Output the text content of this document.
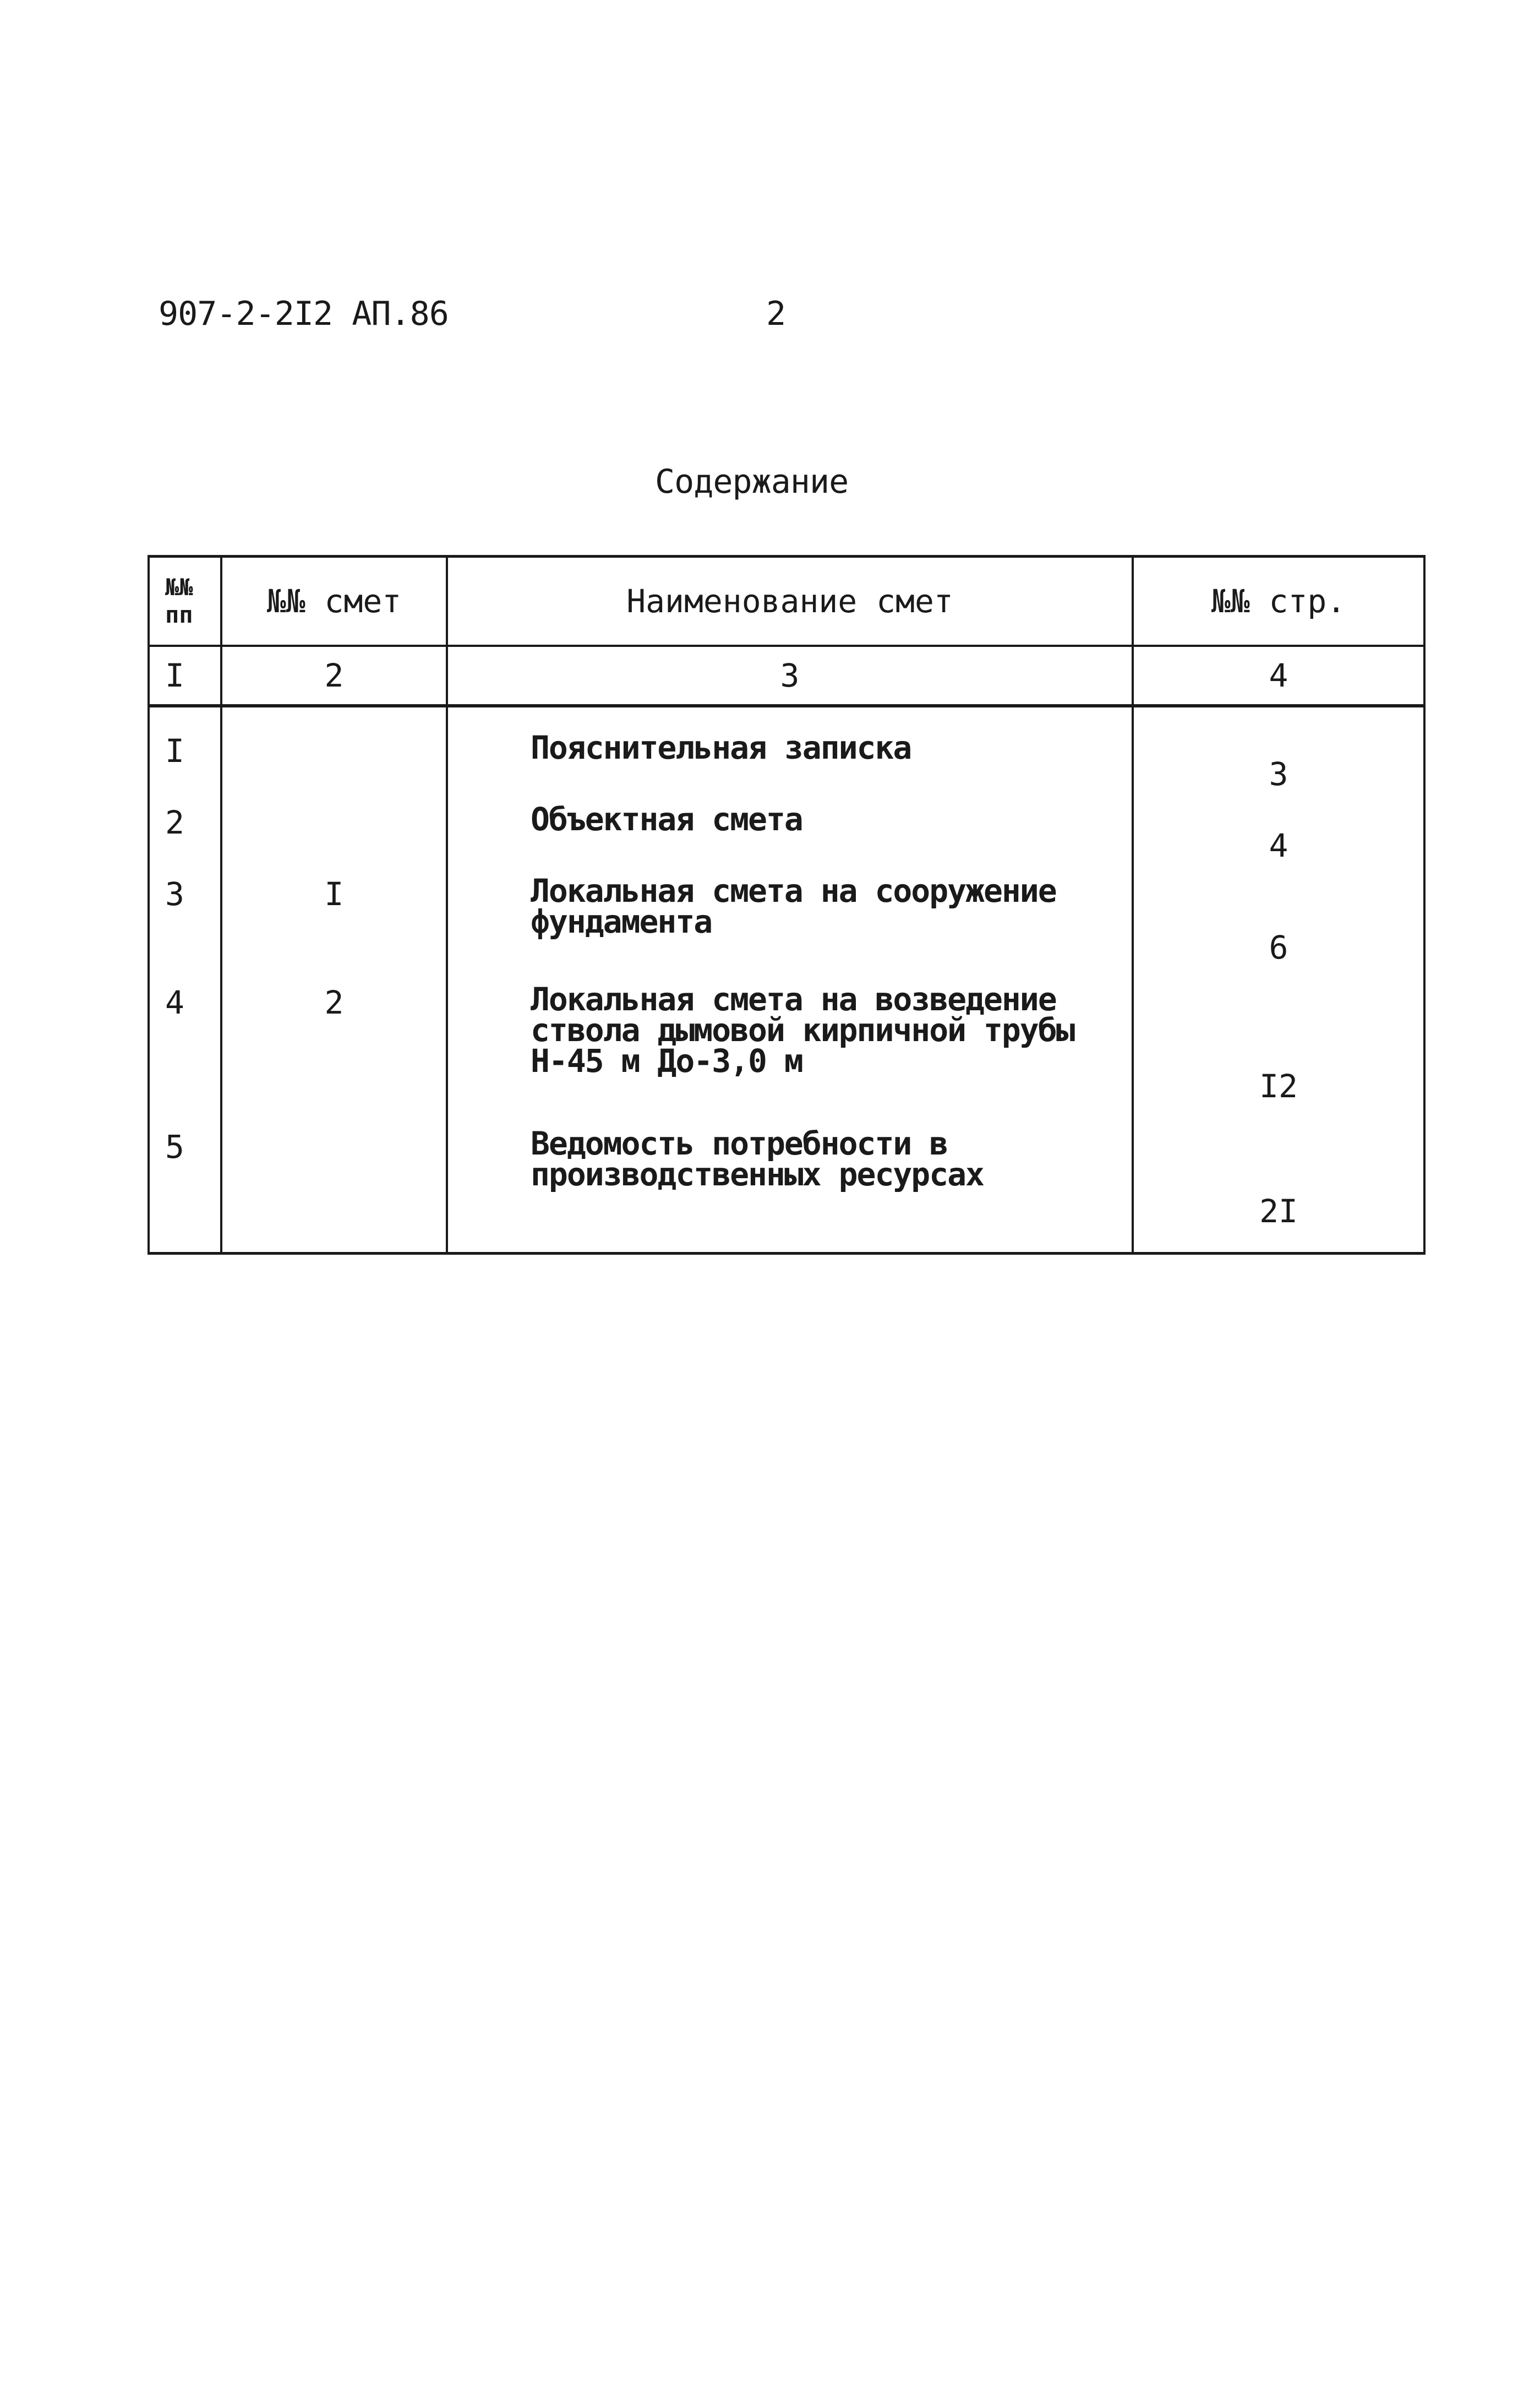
907-2-2I2 АП.86	2
Содержание
№№ пп	№№ смет	Наименование смет	№№ стр.
I	2	3	4
I		Пояснительная записка	3
2		Объектная смета	4
3	I	Локальная смета на сооружение фундамента	6
4	2	Локальная смета на возведение ствола дымовой кирпичной трубы Н-45 м До-3,0 м	I2
5		Ведомость потребности в производственных ресурсах	2I
